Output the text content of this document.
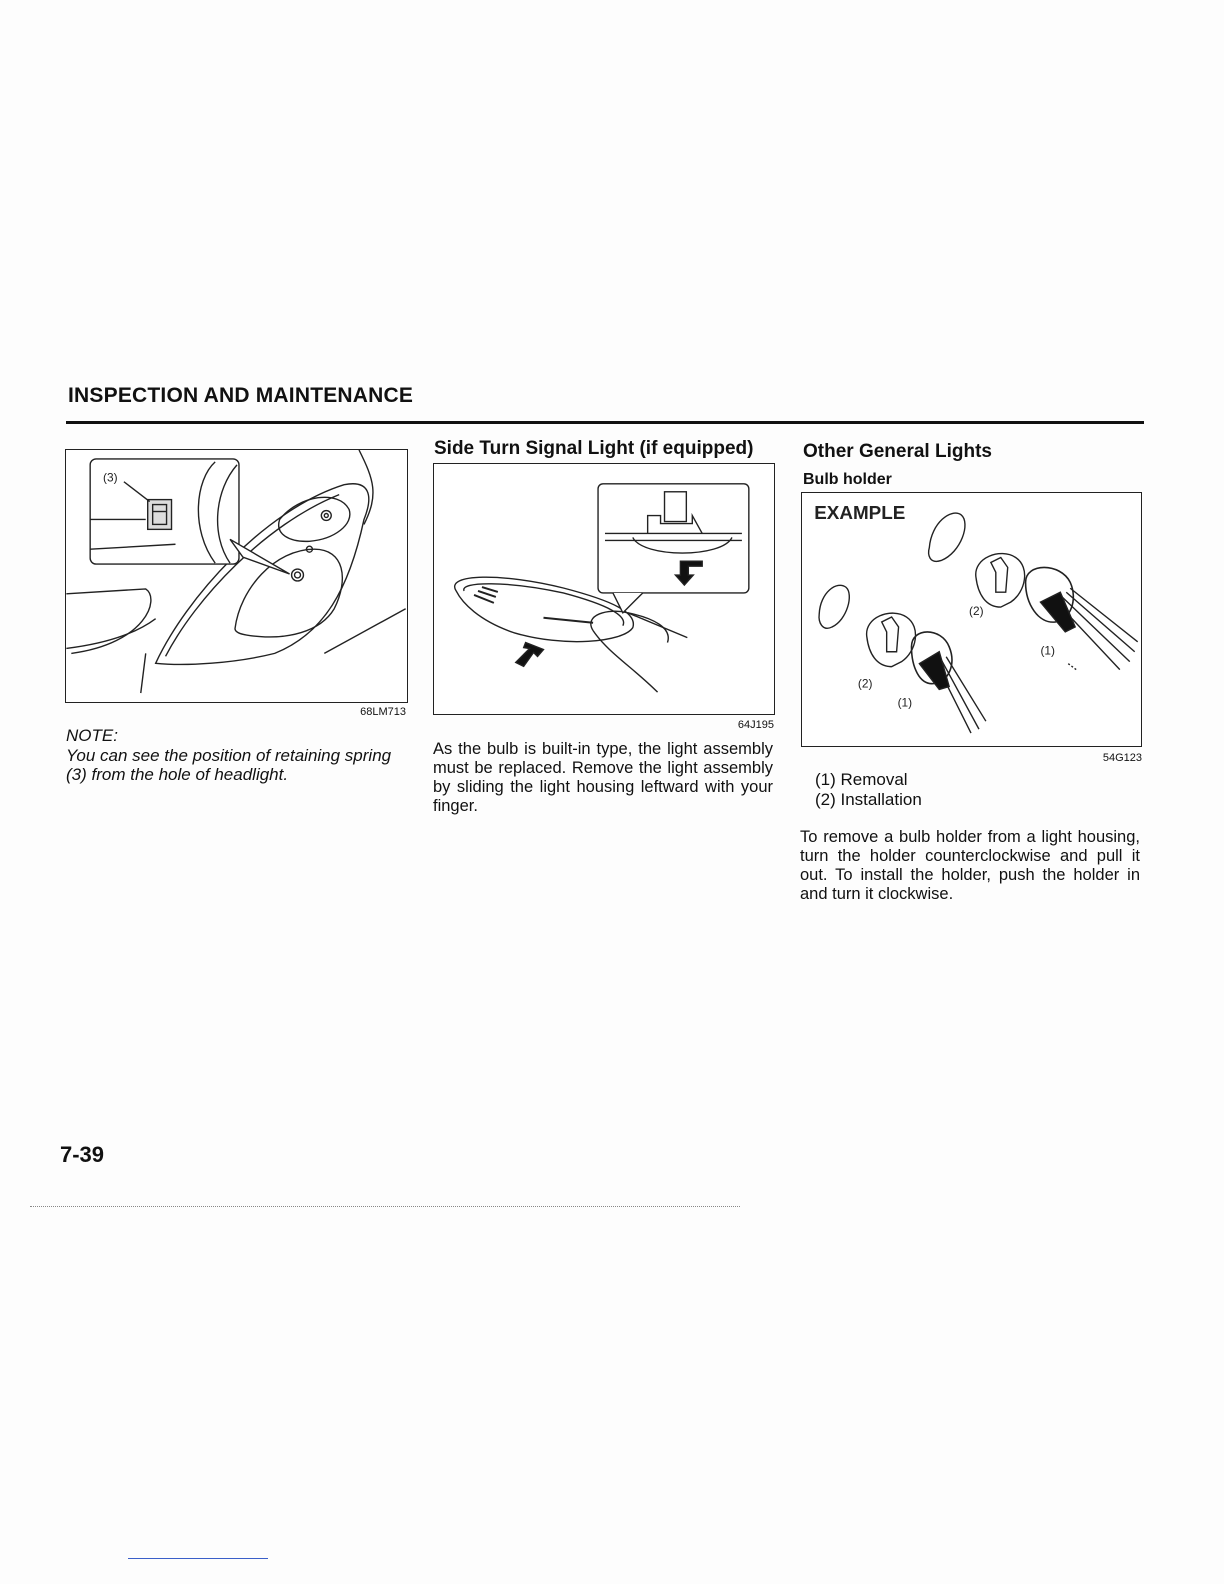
INSPECTION AND MAINTENANCE
(3)
68LM713
NOTE:
You can see the position of retaining spring (3) from the hole of headlight.
Side Turn Signal Light (if equipped)
64J195
As the bulb is built-in type, the light assembly must be replaced. Remove the light assembly by sliding the light housing leftward with your finger.
Other General Lights
Bulb holder
EXAMPLE
(2)
(1)
(2)
(1)
54G123
(1) Removal
(2) Installation
To remove a bulb holder from a light housing, turn the holder counterclockwise and pull it out. To install the holder, push the holder in and turn it clockwise.
7-39
